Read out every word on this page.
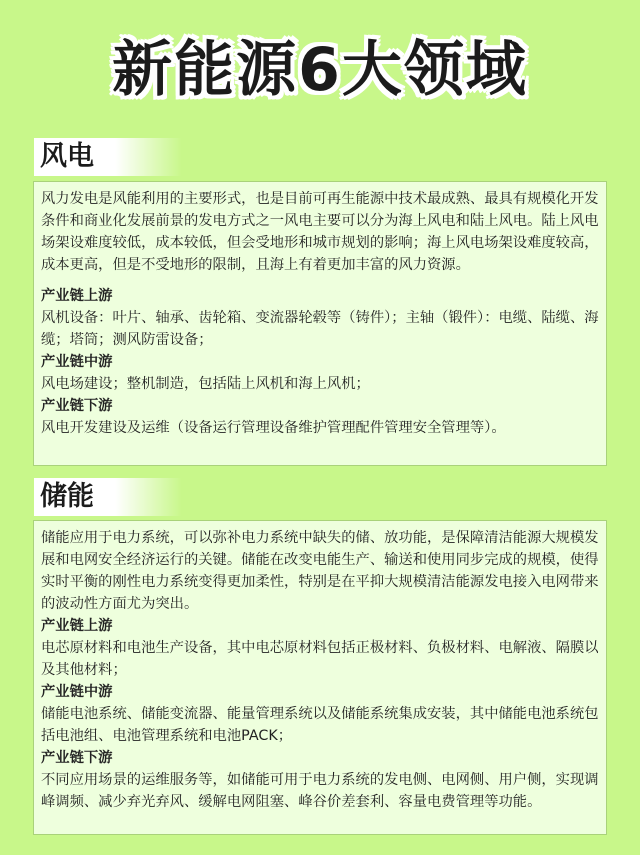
新能源6大领域
风电

风力发电是风能利用的主要形式，也是目前可再生能源中技术最成熟、最具有规模化开发条件和商业化发展前景的发电方式之一风电主要可以分为海上风电和陆上风电。陆上风电场架设难度较低，成本较低，但会受地形和城市规划的影响；海上风电场架设难度较高，成本更高，但是不受地形的限制，且海上有着更加丰富的风力资源。

产业链上游
风机设备：叶片、轴承、齿轮箱、变流器轮毂等（铸件）；主轴（锻件）：电缆、陆缆、海缆；塔筒；测风防雷设备；
产业链中游
风电场建设；整机制造，包括陆上风机和海上风机；
产业链下游
风电开发建设及运维（设备运行管理设备维护管理配件管理安全管理等）。
储能

储能应用于电力系统，可以弥补电力系统中缺失的储、放功能，是保障清洁能源大规模发展和电网安全经济运行的关键。储能在改变电能生产、输送和使用同步完成的规模，使得实时平衡的刚性电力系统变得更加柔性，特别是在平抑大规模清洁能源发电接入电网带来的波动性方面尤为突出。

产业链上游
电芯原材料和电池生产设备，其中电芯原材料包括正极材料、负极材料、电解液、隔膜以及其他材料；
产业链中游
储能电池系统、储能变流器、能量管理系统以及储能系统集成安装，其中储能电池系统包括电池组、电池管理系统和电池PACK；
产业链下游
不同应用场景的运维服务等，如储能可用于电力系统的发电侧、电网侧、用户侧，实现调峰调频、减少弃光弃风、缓解电网阻塞、峰谷价差套利、容量电费管理等功能。
